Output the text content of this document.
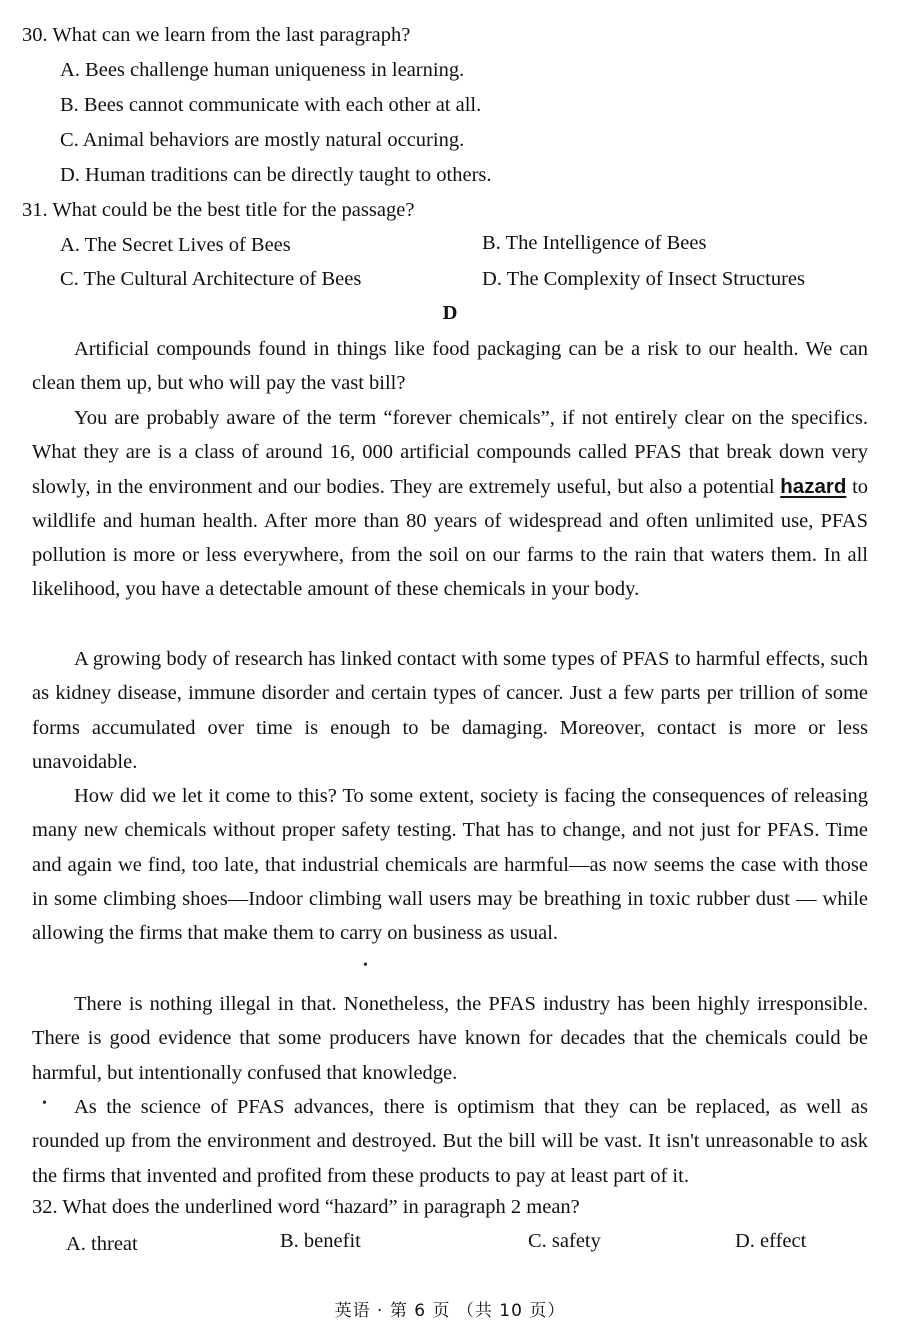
30. What can we learn from the last paragraph?
A. Bees challenge human uniqueness in learning.
B. Bees cannot communicate with each other at all.
C. Animal behaviors are mostly natural occuring.
D. Human traditions can be directly taught to others.
31. What could be the best title for the passage?
A. The Secret Lives of Bees	B. The Intelligence of Bees
C. The Cultural Architecture of Bees	D. The Complexity of Insect Structures
D

Artificial compounds found in things like food packaging can be a risk to our health. We can clean them up, but who will pay the vast bill?

You are probably aware of the term “forever chemicals”, if not entirely clear on the specifics. What they are is a class of around 16, 000 artificial compounds called PFAS that break down very slowly, in the environment and our bodies. They are extremely useful, but also a potential hazard to wildlife and human health. After more than 80 years of widespread and often unlimited use, PFAS pollution is more or less everywhere, from the soil on our farms to the rain that waters them. In all likelihood, you have a detectable amount of these chemicals in your body.

A growing body of research has linked contact with some types of PFAS to harmful effects, such as kidney disease, immune disorder and certain types of cancer. Just a few parts per trillion of some forms accumulated over time is enough to be damaging. Moreover, contact is more or less unavoidable.

How did we let it come to this? To some extent, society is facing the consequences of releasing many new chemicals without proper safety testing. That has to change, and not just for PFAS. Time and again we find, too late, that industrial chemicals are harmful—as now seems the case with those in some climbing shoes—Indoor climbing wall users may be breathing in toxic rubber dust — while allowing the firms that make them to carry on business as usual.

There is nothing illegal in that. Nonetheless, the PFAS industry has been highly irresponsible. There is good evidence that some producers have known for decades that the chemicals could be harmful, but intentionally confused that knowledge.

As the science of PFAS advances, there is optimism that they can be replaced, as well as rounded up from the environment and destroyed. But the bill will be vast. It isn't unreasonable to ask the firms that invented and profited from these products to pay at least part of it.

•
•
32. What does the underlined word “hazard” in paragraph 2 mean?
A. threat	B. benefit	C. safety	D. effect
英语 · 第 6 页 （共 10 页）
